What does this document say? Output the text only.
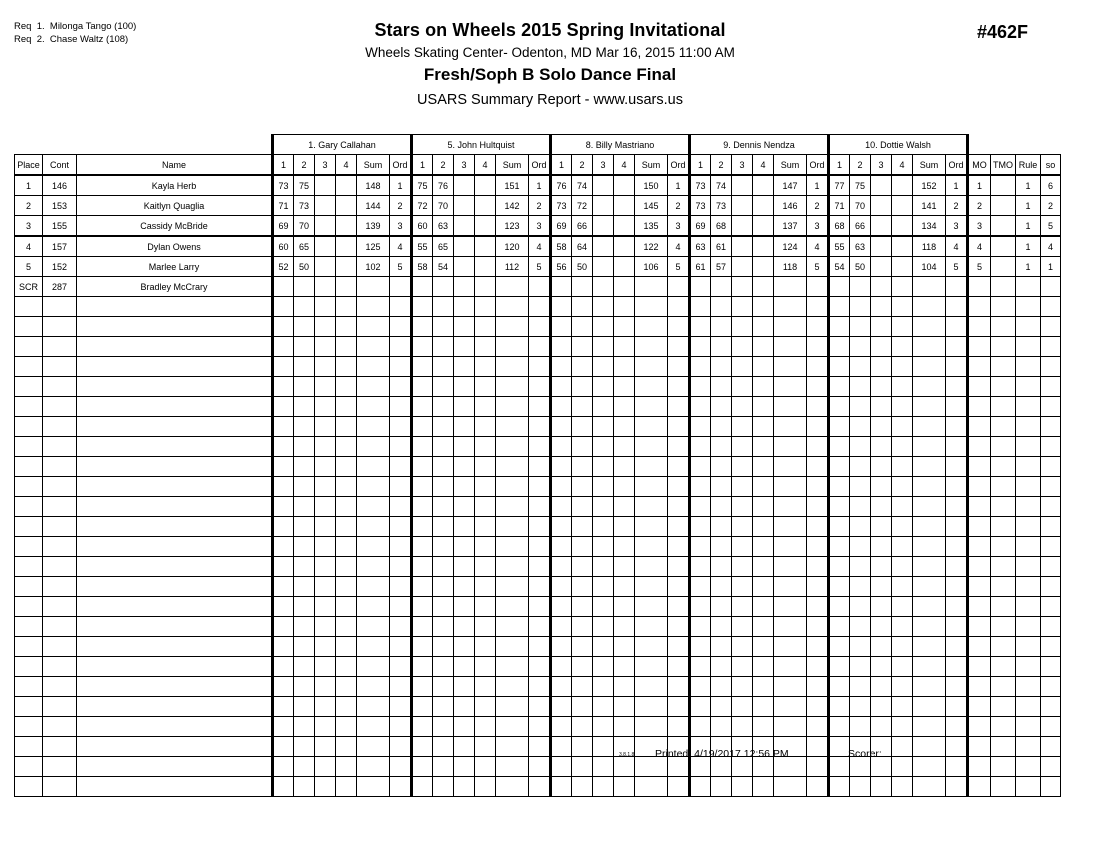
Req  1.  Milonga Tango (100)
Req  2.  Chase Waltz (108)	Stars on Wheels 2015 Spring Invitational
Wheels Skating Center- Odenton, MD Mar 16, 2015 11:00 AM
Fresh/Soph B Solo Dance Final
USARS Summary Report - www.usars.us
#462F
			1. Gary Callahan						5. John Hultquist						8. Billy Mastriano						9. Dennis Nendza						10. Dottie Walsh									
Place	Cont	Name	1	2	3	4	Sum	Ord	1	2	3	4	Sum	Ord	1	2	3	4	Sum	Ord	1	2	3	4	Sum	Ord	1	2	3	4	Sum	Ord	MO	TMO	Rule	so
1	146	Kayla Herb	73	75			148	1	75	76			151	1	76	74			150	1	73	74			147	1	77	75			152	1	1		1	6
2	153	Kaitlyn Quaglia	71	73			144	2	72	70			142	2	73	72			145	2	73	73			146	2	71	70			141	2	2		1	2
3	155	Cassidy McBride	69	70			139	3	60	63			123	3	69	66			135	3	69	68			137	3	68	66			134	3	3		1	5
4	157	Dylan Owens	60	65			125	4	55	65			120	4	58	64			122	4	63	61			124	4	55	63			118	4	4		1	4
5	152	Marlee Larry	52	50			102	5	58	54			112	5	56	50			106	5	61	57			118	5	54	50			104	5	5		1	1
SCR	287	Bradley McCrary																																		

3.8.1.8 Printed: 4/19/2017 12:56 PM	Scorer:
